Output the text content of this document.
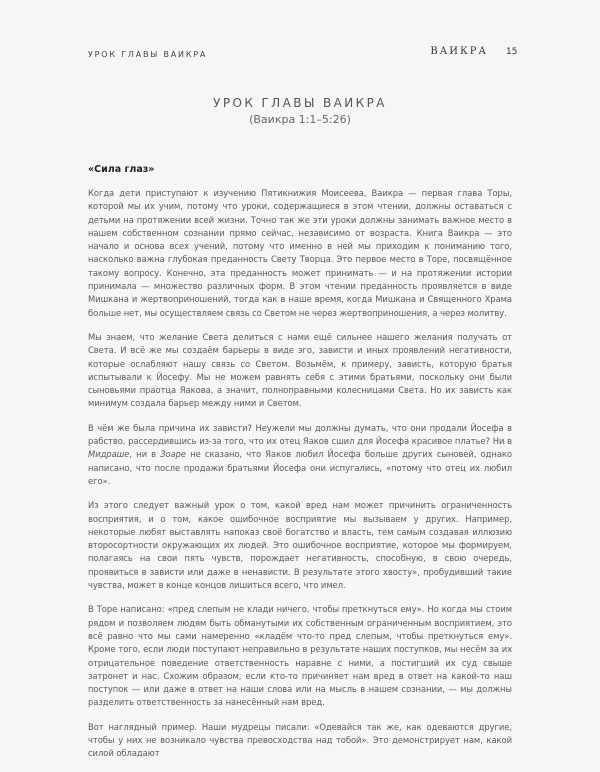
УРОК ГЛАВЫ ВАИКРА	ВАИКРА 15
УРОК ГЛАВЫ ВАИКРА
(Ваикра 1:1–5:26)
«Сила глаз»

Когда дети приступают к изучению Пятикнижия Моисеева, Ваикра — первая глава Торы, которой мы их учим, потому что уроки, содержащиеся в этом чтении, должны оставаться с детьми на протяжении всей жизни. Точно так же эти уроки должны занимать важное место в нашем собственном сознании прямо сейчас, независимо от возраста. Книга Ваикра — это начало и основа всех учений, потому что именно в ней мы приходим к пониманию того, насколько важна глубокая преданность Свету Творца. Это первое место в Торе, посвящённое такому вопросу. Конечно, эта преданность может принимать — и на протяжении истории принимала — множество различных форм. В этом чтении преданность проявляется в виде Мишкана и жертвоприношений, тогда как в наше время, когда Мишкана и Священного Храма больше нет, мы осуществляем связь со Светом не через жертвоприношения, а через молитву.

Мы знаем, что желание Света делиться с нами ещё сильнее нашего желания получать от Света. И всё же мы создаём барьеры в виде эго, зависти и иных проявлений негативности, которые ослабляют нашу связь со Светом. Возьмём, к примеру, зависть, которую братья испытывали к Йосефу. Мы не можем равнять себя с этими братьями, поскольку они были сыновьями праотца Яакова, а значит, полноправными колесницами Света. Но их зависть как минимум создала барьер между ними и Светом.

В чём же была причина их зависти? Неужели мы должны думать, что они продали Йосефа в рабство, рассердившись из-за того, что их отец Яаков сшил для Йосефа красивое платье? Ни в Мидраше, ни в Зоаре не сказано, что Яаков любил Йосефа больше других сыновей, однако написано, что после продажи братьями Йосефа они испугались, «потому что отец их любил его».

Из этого следует важный урок о том, какой вред нам может причинить ограниченность восприятия, и о том, какое ошибочное восприятие мы вызываем у других. Например, некоторые любят выставлять напоказ своё богатство и власть, тем самым создавая иллюзию второсортности окружающих их людей. Это ошибочное восприятие, которое мы формируем, полагаясь на свои пять чувств, порождает негативность, способную, в свою очередь, проявиться в зависти или даже в ненависти. В результате этого хвосту», пробудивший такие чувства, может в конце концов лишиться всего, что имел.

В Торе написано: «пред слепым не клади ничего, чтобы преткнуться ему». Но когда мы стоим рядом и позволяем людям быть обманутыми их собственным ограниченным восприятием, это всё равно что мы сами намеренно «кладём что-то пред слепым, чтобы преткнуться ему». Кроме того, если люди поступают неправильно в результате наших поступков, мы несём за их отрицательное поведение ответственность наравне с ними, а постигший их суд свыше затронет и нас. Схожим образом, если кто-то причиняет нам вред в ответ на какой-то наш поступок — или даже в ответ на наши слова или на мысль в нашем сознании, — мы должны разделить ответственность за нанесённый нам вред.

Вот наглядный пример. Наши мудрецы писали: «Одевайся так же, как одеваются другие, чтобы у них не возникало чувства превосходства над тобой». Это демонстрирует нам, какой силой обладают
